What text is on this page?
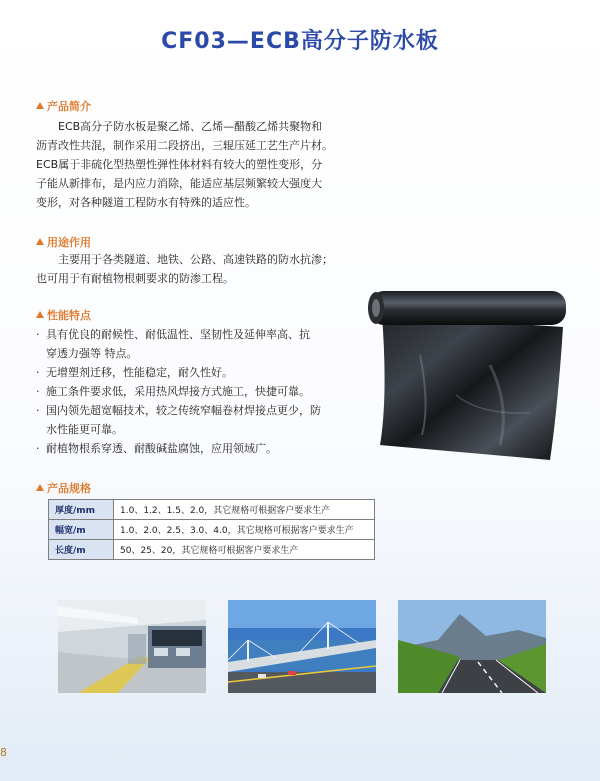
CF03—ECB高分子防水板
产品简介
ECB高分子防水板是聚乙烯、乙烯—醋酸乙烯共聚物和
沥青改性共混，制作采用二段挤出，三辊压延工艺生产片材。
ECB属于非硫化型热塑性弹性体材料有较大的塑性变形，分
子能从新排布，是内应力消除，能适应基层频繁较大强度大
变形，对各种隧道工程防水有特殊的适应性。
用途作用
主要用于各类隧道、地铁、公路、高速铁路的防水抗渗；
也可用于有耐植物根刺要求的防渗工程。
性能特点
· 具有优良的耐候性、耐低温性、坚韧性及延伸率高、抗
穿透力强等 特点。
· 无增塑剂迁移，性能稳定，耐久性好。
· 施工条件要求低，采用热风焊接方式施工，快捷可靠。
· 国内领先超宽幅技术，较之传统窄幅卷材焊接点更少，防
水性能更可靠。
· 耐植物根系穿透、耐酸碱盐腐蚀，应用领域广。
产品规格
厚度/mm	1.0、1.2、1.5、2.0，其它规格可根据客户要求生产
幅宽/m	1.0、2.0、2.5、3.0、4.0，其它规格可根据客户要求生产
长度/m	50、25、20，其它规格可根据客户要求生产
8
